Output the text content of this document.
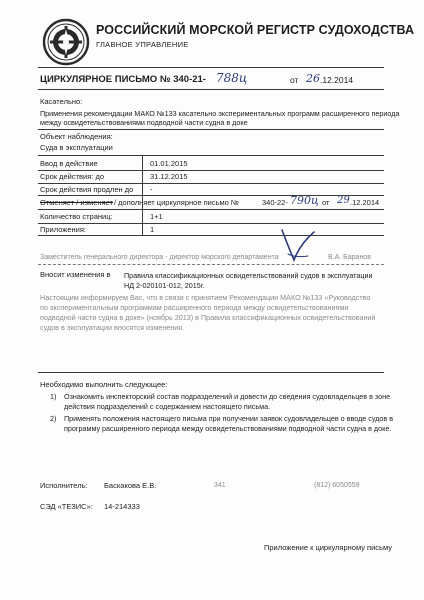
РОССИЙСКИЙ МОРСКОЙ РЕГИСТР СУДОХОДСТВА
ГЛАВНОЕ УПРАВЛЕНИЕ
ЦИРКУЛЯРНОЕ ПИСЬМО № 340-21- 788ц	от 26 .12.2014
Касательно:
Применения рекомендации МАКО №133 касательно экспериментальных программ расширенного периода
между освидетельствованиями подводной части судна в доке
Объект наблюдения:
Суда в эксплуатации
Ввод в действие	01.01.2015
Срок действия: до	31.12.2015
Срок действия продлен до -
Отменяет / изменяет / дополняет циркулярное письмо №	340-22- 790ц от 29 .12.2014
Количество страниц:	1+1
Приложения:	1
Заместитель генерального директора - директор морского департамента	В.А. Баранов
Вносит изменения в Правила классификационных освидетельствований судов в эксплуатации
НД 2-020101-012, 2015г.
Настоящим информируем Вас, что в связи с принятием Рекомендации МАКО №133 «Руководство
по экспериментальным программам расширенного периода между освидетельствованиями
подводной части судна в доке» (ноябрь 2013) в Правила классификационных освидетельствований
судов в эксплуатации вносятся изменения.
Необходимо выполнить следующее:
1) Ознакомить инспекторский состав подразделений и довести до сведения судовладельцев в зоне
действия подразделений с содержанием настоящего письма.
2) Применять положения настоящего письма при получении заявок судовладельцев о вводе судов в
программу расширенного периода между освидетельствованиями подводной части судна в доке.
Исполнитель: Баскакова Е.В.	341	(812) 6050559
СЭД «ТЕЗИС»: 14-214333
Приложение к циркулярному письму
